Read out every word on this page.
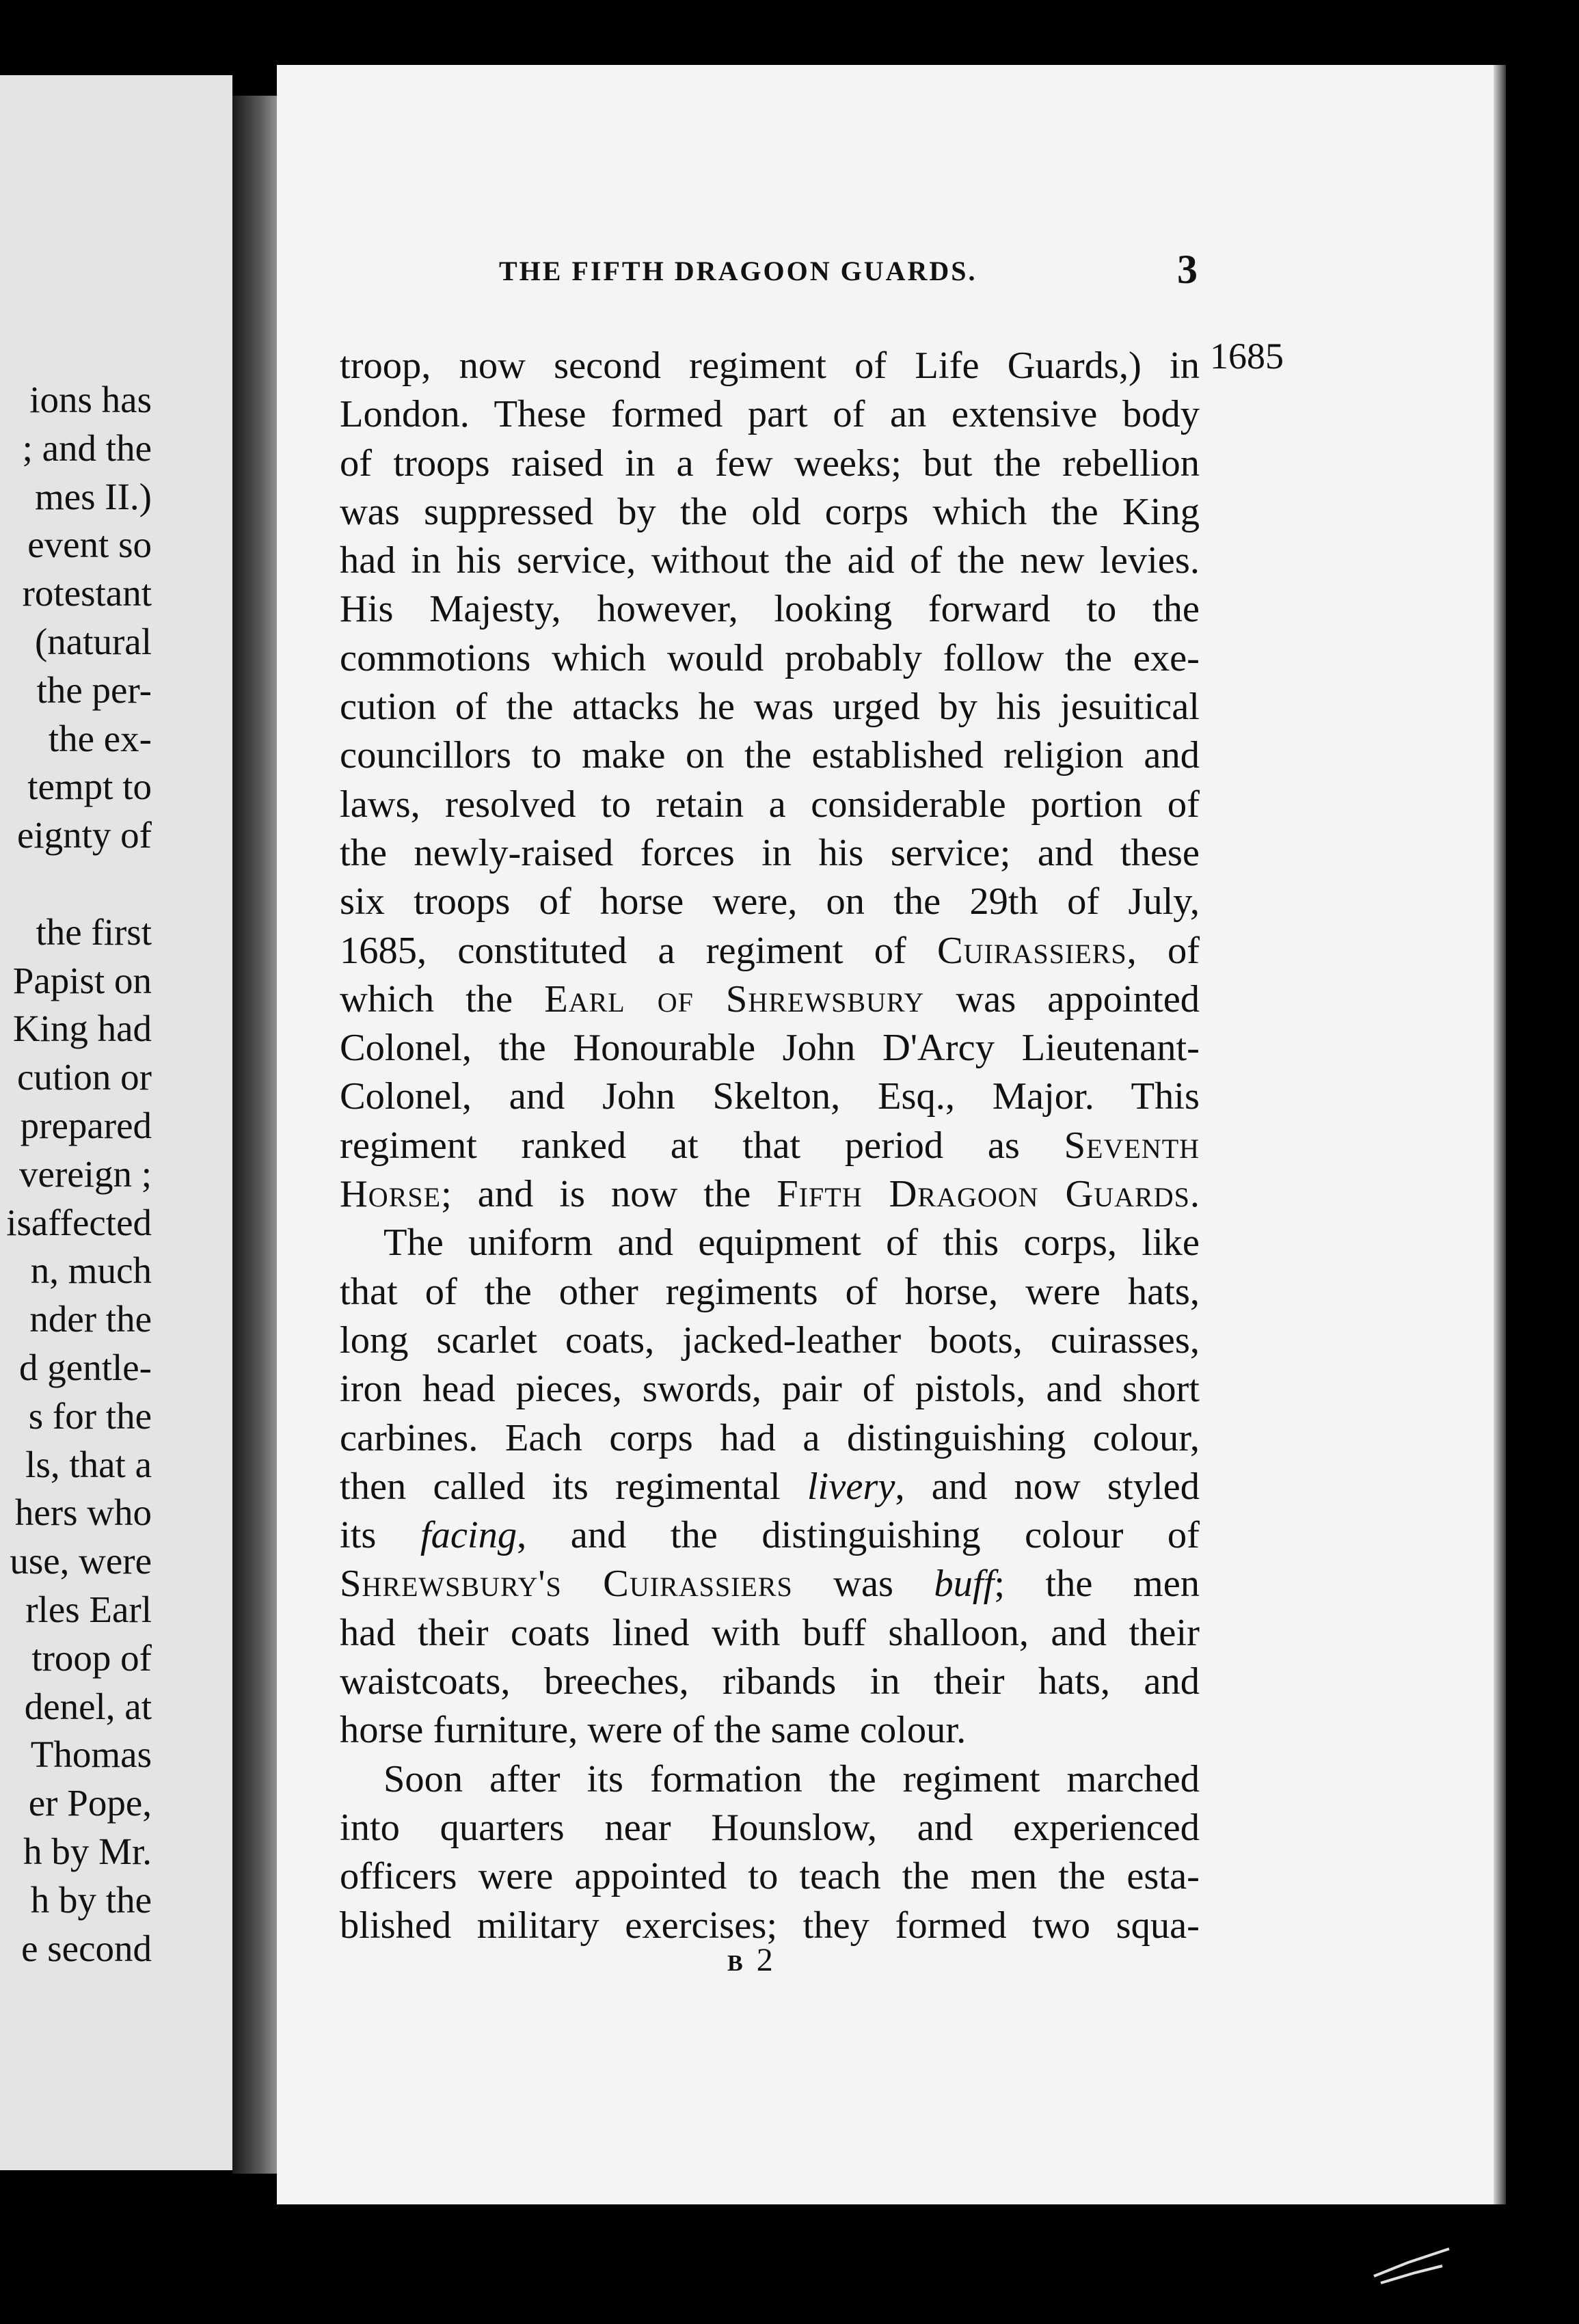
ions has
; and the
mes II.)
event so
rotestant
(natural
the per-
the ex-
tempt to
eignty of

the first
Papist on
King had
cution or
prepared
vereign ;
isaffected
n, much
nder the
d gentle-
s for the
ls, that a
hers who
use, were
rles Earl
troop of
denel, at
Thomas
er Pope,
h by Mr.
h by the
e second
THE FIFTH DRAGOON GUARDS.	3
1685
troop, now second regiment of Life Guards,) in
London. These formed part of an extensive body
of troops raised in a few weeks; but the rebellion
was suppressed by the old corps which the King
had in his service, without the aid of the new levies.
His Majesty, however, looking forward to the
commotions which would probably follow the exe-
cution of the attacks he was urged by his jesuitical
councillors to make on the established religion and
laws, resolved to retain a considerable portion of
the newly-raised forces in his service; and these
six troops of horse were, on the 29th of July,
1685, constituted a regiment of Cuirassiers, of
which the Earl of Shrewsbury was appointed
Colonel, the Honourable John D'Arcy Lieutenant-
Colonel, and John Skelton, Esq., Major. This
regiment ranked at that period as Seventh
Horse; and is now the Fifth Dragoon Guards.
The uniform and equipment of this corps, like
that of the other regiments of horse, were hats,
long scarlet coats, jacked-leather boots, cuirasses,
iron head pieces, swords, pair of pistols, and short
carbines. Each corps had a distinguishing colour,
then called its regimental livery, and now styled
its facing, and the distinguishing colour of
Shrewsbury's Cuirassiers was buff; the men
had their coats lined with buff shalloon, and their
waistcoats, breeches, ribands in their hats, and
horse furniture, were of the same colour.
Soon after its formation the regiment marched
into quarters near Hounslow, and experienced
officers were appointed to teach the men the esta-
blished military exercises; they formed two squa-
B 2
